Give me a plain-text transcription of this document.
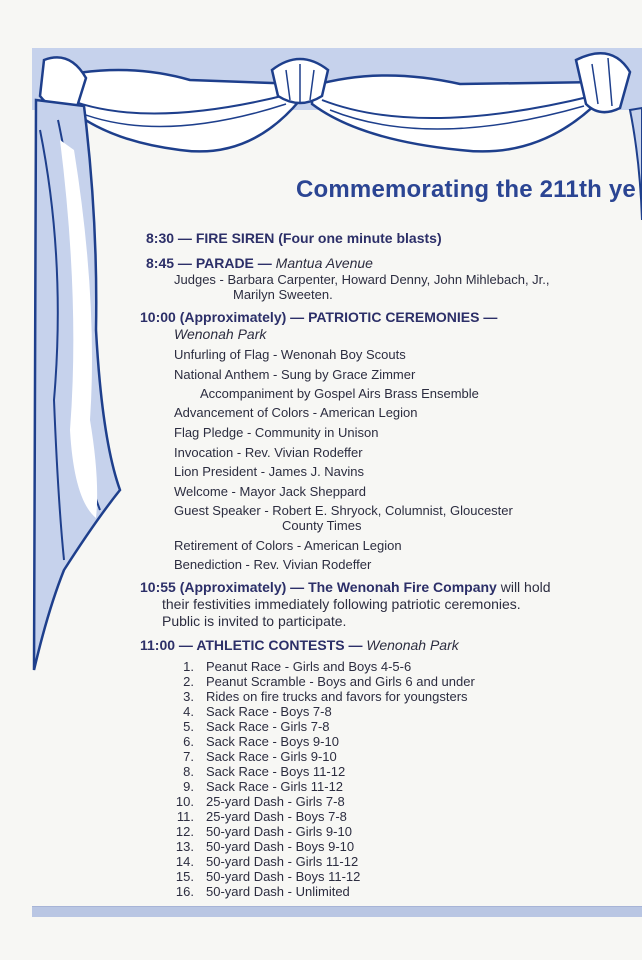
Commemorating the 211th ye
8:30 — FIRE SIREN (Four one minute blasts)
8:45 — PARADE — Mantua Avenue
Judges - Barbara Carpenter, Howard Denny, John Mihlebach, Jr.,
Marilyn Sweeten.
10:00 (Approximately) — PATRIOTIC CEREMONIES —
Wenonah Park
Unfurling of Flag - Wenonah Boy Scouts
National Anthem - Sung by Grace Zimmer
Accompaniment by Gospel Airs Brass Ensemble
Advancement of Colors - American Legion
Flag Pledge - Community in Unison
Invocation - Rev. Vivian Rodeffer
Lion President - James J. Navins
Welcome - Mayor Jack Sheppard
Guest Speaker - Robert E. Shryock, Columnist, Gloucester
County Times
Retirement of Colors - American Legion
Benediction - Rev. Vivian Rodeffer
10:55 (Approximately) — The Wenonah Fire Company will hold
their festivities immediately following patriotic ceremonies.
Public is invited to participate.
11:00 — ATHLETIC CONTESTS — Wenonah Park
1. Peanut Race - Girls and Boys 4-5-6
2. Peanut Scramble - Boys and Girls 6 and under
3. Rides on fire trucks and favors for youngsters
4. Sack Race - Boys 7-8
5. Sack Race - Girls 7-8
6. Sack Race - Boys 9-10
7. Sack Race - Girls 9-10
8. Sack Race - Boys 11-12
9. Sack Race - Girls 11-12
10. 25-yard Dash - Girls 7-8
11. 25-yard Dash - Boys 7-8
12. 50-yard Dash - Girls 9-10
13. 50-yard Dash - Boys 9-10
14. 50-yard Dash - Girls 11-12
15. 50-yard Dash - Boys 11-12
16. 50-yard Dash - Unlimited
